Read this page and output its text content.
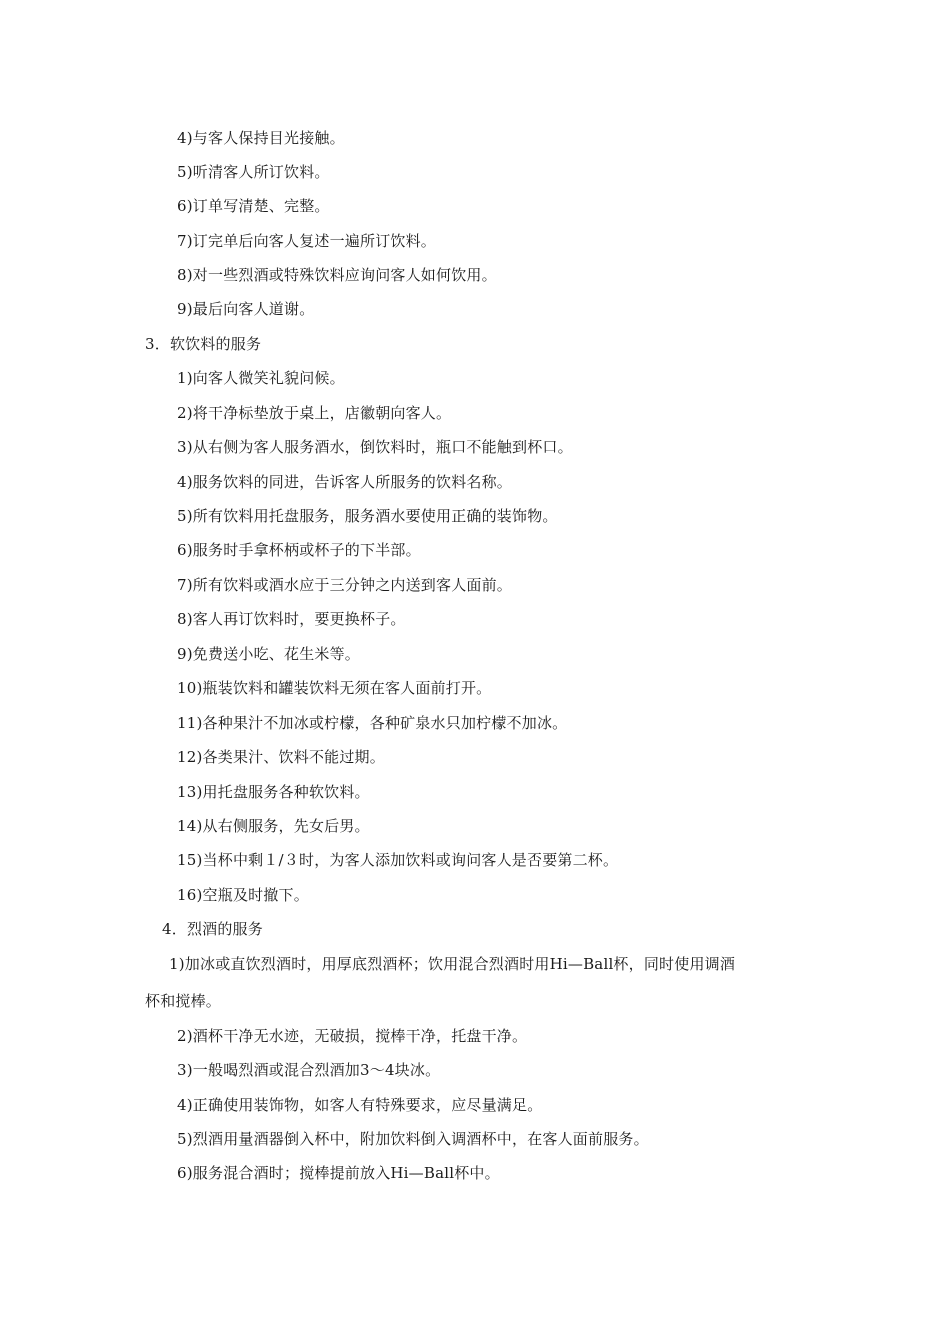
4)与客人保持目光接触。
5)听清客人所订饮料。
6)订单写清楚、完整。
7)订完单后向客人复述一遍所订饮料。
8)对一些烈酒或特殊饮料应询问客人如何饮用。
9)最后向客人道谢。
3．软饮料的服务
1)向客人微笑礼貌问候。
2)将干净标垫放于桌上，店徽朝向客人。
3)从右侧为客人服务酒水，倒饮料时，瓶口不能触到杯口。
4)服务饮料的同进，告诉客人所服务的饮料名称。
5)所有饮料用托盘服务，服务酒水要使用正确的装饰物。
6)服务时手拿杯柄或杯子的下半部。
7)所有饮料或酒水应于三分钟之内送到客人面前。
8)客人再订饮料时，要更换杯子。
9)免费送小吃、花生米等。
10)瓶装饮料和罐装饮料无须在客人面前打开。
11)各种果汁不加冰或柠檬，各种矿泉水只加柠檬不加冰。
12)各类果汁、饮料不能过期。
13)用托盘服务各种软饮料。
14)从右侧服务，先女后男。
15)当杯中剩１/３时，为客人添加饮料或询问客人是否要第二杯。
16)空瓶及时撤下。
4．烈酒的服务
1)加冰或直饮烈酒时，用厚底烈酒杯；饮用混合烈酒时用Hi—Ball杯，同时使用调酒
杯和搅棒。
2)酒杯干净无水迹，无破损，搅棒干净，托盘干净。
3)一般喝烈酒或混合烈酒加3～4块冰。
4)正确使用装饰物，如客人有特殊要求，应尽量满足。
5)烈酒用量酒器倒入杯中，附加饮料倒入调酒杯中，在客人面前服务。
6)服务混合酒时；搅棒提前放入Hi—Ball杯中。
